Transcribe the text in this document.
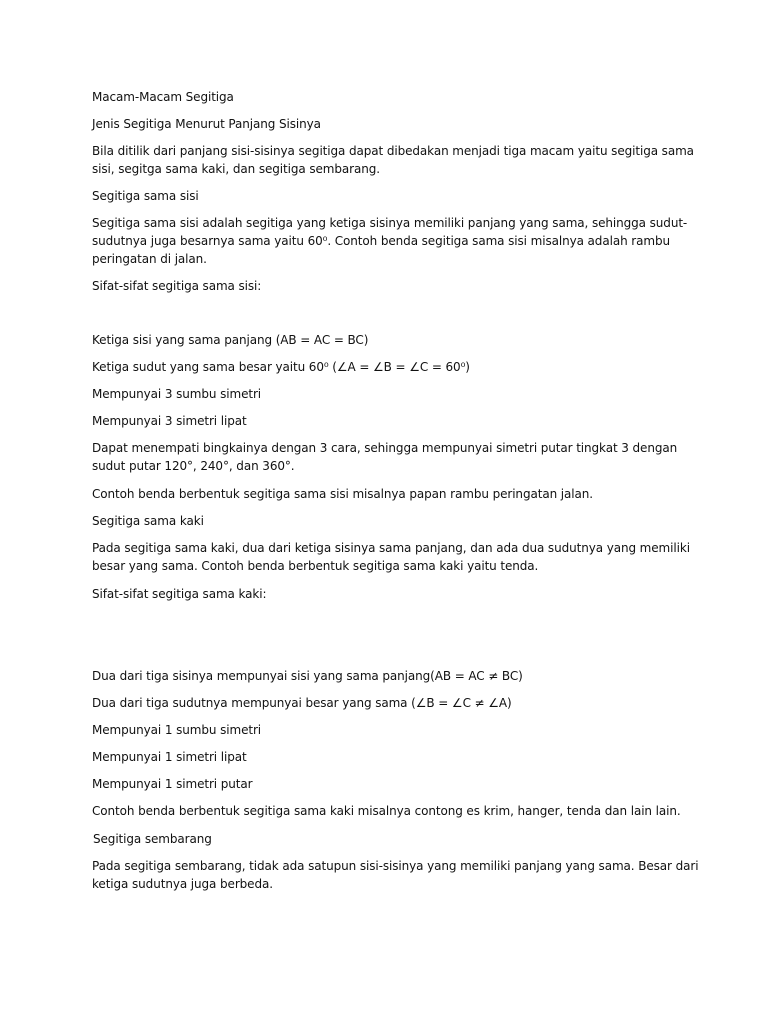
Macam-Macam Segitiga

Jenis Segitiga Menurut Panjang Sisinya

Bila ditilik dari panjang sisi-sisinya segitiga dapat dibedakan menjadi tiga macam yaitu segitiga sama

sisi, segitga sama kaki, dan segitiga sembarang.

Segitiga sama sisi

Segitiga sama sisi adalah segitiga yang ketiga sisinya memiliki panjang yang sama, sehingga sudut-

sudutnya juga besarnya sama yaitu 60⁰. Contoh benda segitiga sama sisi misalnya adalah rambu

peringatan di jalan.

Sifat-sifat segitiga sama sisi:

Ketiga sisi yang sama panjang (AB = AC = BC)

Ketiga sudut yang sama besar yaitu 60⁰ (∠A = ∠B = ∠C = 60⁰)

Mempunyai 3 sumbu simetri

Mempunyai 3 simetri lipat

Dapat menempati bingkainya dengan 3 cara, sehingga mempunyai simetri putar tingkat 3 dengan

sudut putar 120°, 240°, dan 360°.

Contoh benda berbentuk segitiga sama sisi misalnya papan rambu peringatan jalan.

Segitiga sama kaki

Pada segitiga sama kaki, dua dari ketiga sisinya sama panjang, dan ada dua sudutnya yang memiliki

besar yang sama. Contoh benda berbentuk segitiga sama kaki yaitu tenda.

Sifat-sifat segitiga sama kaki:

Dua dari tiga sisinya mempunyai sisi yang sama panjang(AB = AC ≠ BC)

Dua dari tiga sudutnya mempunyai besar yang sama (∠B = ∠C ≠ ∠A)

Mempunyai 1 sumbu simetri

Mempunyai 1 simetri lipat

Mempunyai 1 simetri putar

Contoh benda berbentuk segitiga sama kaki misalnya contong es krim, hanger, tenda dan lain lain.

Segitiga sembarang

Pada segitiga sembarang, tidak ada satupun sisi-sisinya yang memiliki panjang yang sama. Besar dari

ketiga sudutnya juga berbeda.
